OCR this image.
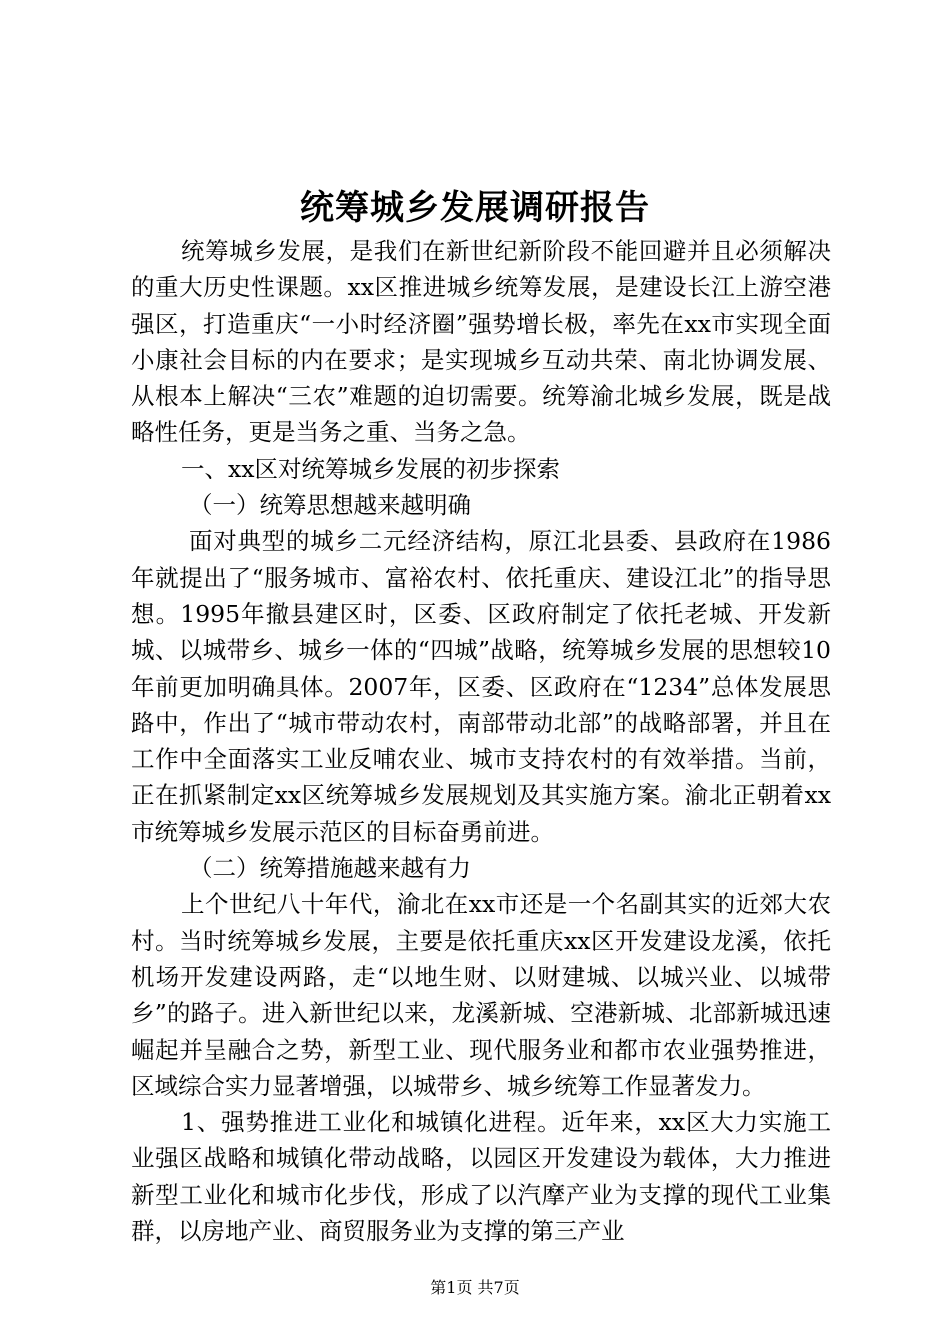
统筹城乡发展调研报告

统筹城乡发展，是我们在新世纪新阶段不能回避并且必须解决的重大历史性课题。xx区推进城乡统筹发展，是建设长江上游空港强区，打造重庆“一小时经济圈”强势增长极，率先在xx市实现全面小康社会目标的内在要求；是实现城乡互动共荣、南北协调发展、从根本上解决“三农”难题的迫切需要。统筹渝北城乡发展，既是战略性任务，更是当务之重、当务之急。

一、xx区对统筹城乡发展的初步探索

（一）统筹思想越来越明确

面对典型的城乡二元经济结构，原江北县委、县政府在1986年就提出了“服务城市、富裕农村、依托重庆、建设江北”的指导思想。1995年撤县建区时，区委、区政府制定了依托老城、开发新城、以城带乡、城乡一体的“四城”战略，统筹城乡发展的思想较10年前更加明确具体。2007年，区委、区政府在“1234”总体发展思路中，作出了“城市带动农村，南部带动北部”的战略部署，并且在工作中全面落实工业反哺农业、城市支持农村的有效举措。当前，正在抓紧制定xx区统筹城乡发展规划及其实施方案。渝北正朝着xx市统筹城乡发展示范区的目标奋勇前进。

（二）统筹措施越来越有力

上个世纪八十年代，渝北在xx市还是一个名副其实的近郊大农村。当时统筹城乡发展，主要是依托重庆xx区开发建设龙溪，依托机场开发建设两路，走“以地生财、以财建城、以城兴业、以城带乡”的路子。进入新世纪以来，龙溪新城、空港新城、北部新城迅速崛起并呈融合之势，新型工业、现代服务业和都市农业强势推进，区域综合实力显著增强，以城带乡、城乡统筹工作显著发力。

1、强势推进工业化和城镇化进程。近年来，xx区大力实施工业强区战略和城镇化带动战略，以园区开发建设为载体，大力推进新型工业化和城市化步伐，形成了以汽摩产业为支撑的现代工业集群，以房地产业、商贸服务业为支撑的第三产业

第1页 共7页
